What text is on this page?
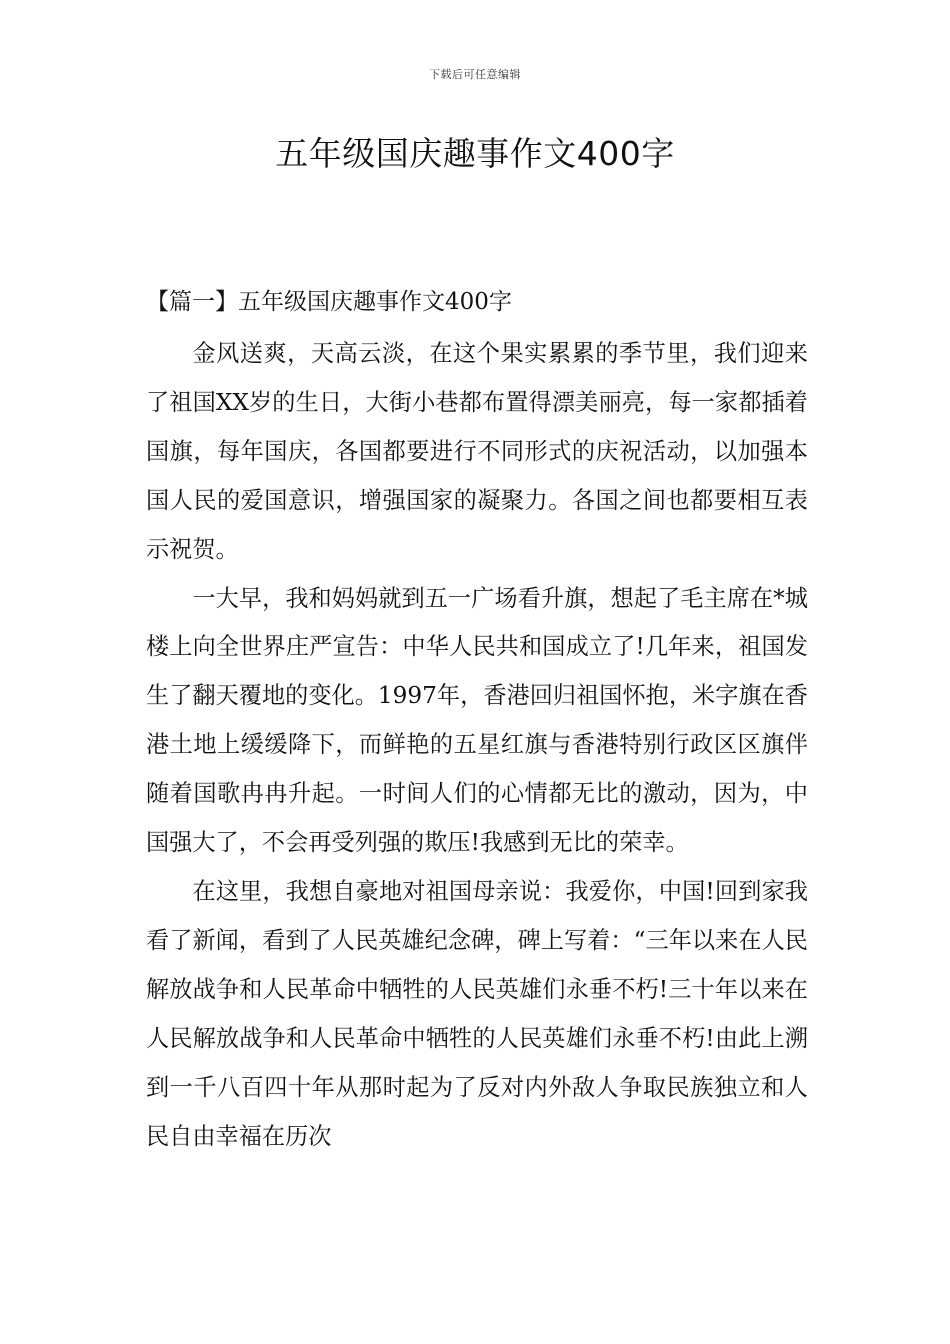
下载后可任意编辑
五年级国庆趣事作文400字
【篇一】五年级国庆趣事作文400字

金风送爽，天高云淡，在这个果实累累的季节里，我们迎来了祖国XX岁的生日，大街小巷都布置得漂美丽亮，每一家都插着国旗，每年国庆，各国都要进行不同形式的庆祝活动，以加强本国人民的爱国意识，增强国家的凝聚力。各国之间也都要相互表示祝贺。

一大早，我和妈妈就到五一广场看升旗，想起了毛主席在*城楼上向全世界庄严宣告：中华人民共和国成立了!几年来，祖国发生了翻天覆地的变化。1997年，香港回归祖国怀抱，米字旗在香港土地上缓缓降下，而鲜艳的五星红旗与香港特别行政区区旗伴随着国歌冉冉升起。一时间人们的心情都无比的激动，因为，中国强大了，不会再受列强的欺压!我感到无比的荣幸。

在这里，我想自豪地对祖国母亲说：我爱你，中国!回到家我看了新闻，看到了人民英雄纪念碑，碑上写着：“三年以来在人民解放战争和人民革命中牺牲的人民英雄们永垂不朽!三十年以来在人民解放战争和人民革命中牺牲的人民英雄们永垂不朽!由此上溯到一千八百四十年从那时起为了反对内外敌人争取民族独立和人民自由幸福在历次
